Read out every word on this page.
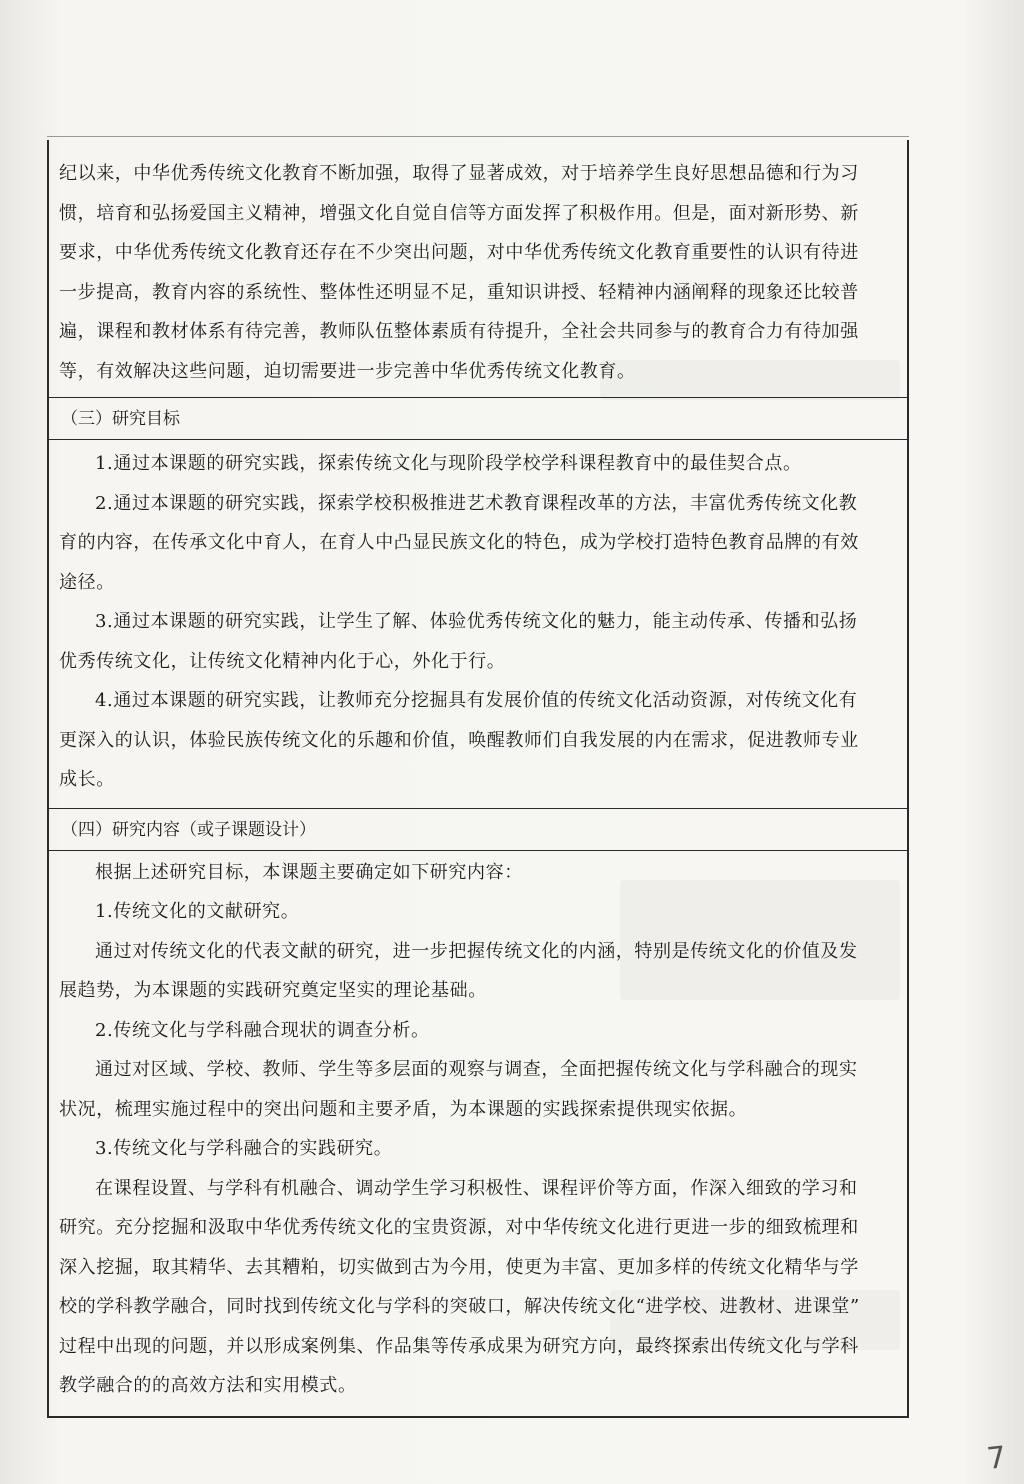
纪以来，中华优秀传统文化教育不断加强，取得了显著成效，对于培养学生良好思想品德和行为习
惯，培育和弘扬爱国主义精神，增强文化自觉自信等方面发挥了积极作用。但是，面对新形势、新
要求，中华优秀传统文化教育还存在不少突出问题，对中华优秀传统文化教育重要性的认识有待进
一步提高，教育内容的系统性、整体性还明显不足，重知识讲授、轻精神内涵阐释的现象还比较普
遍，课程和教材体系有待完善，教师队伍整体素质有待提升，全社会共同参与的教育合力有待加强
等，有效解决这些问题，迫切需要进一步完善中华优秀传统文化教育。
（三）研究目标
1.通过本课题的研究实践，探索传统文化与现阶段学校学科课程教育中的最佳契合点。
2.通过本课题的研究实践，探索学校积极推进艺术教育课程改革的方法，丰富优秀传统文化教
育的内容，在传承文化中育人，在育人中凸显民族文化的特色，成为学校打造特色教育品牌的有效
途径。
3.通过本课题的研究实践，让学生了解、体验优秀传统文化的魅力，能主动传承、传播和弘扬
优秀传统文化，让传统文化精神内化于心，外化于行。
4.通过本课题的研究实践，让教师充分挖掘具有发展价值的传统文化活动资源，对传统文化有
更深入的认识，体验民族传统文化的乐趣和价值，唤醒教师们自我发展的内在需求，促进教师专业
成长。
（四）研究内容（或子课题设计）
根据上述研究目标，本课题主要确定如下研究内容：
1.传统文化的文献研究。
通过对传统文化的代表文献的研究，进一步把握传统文化的内涵，特别是传统文化的价值及发
展趋势，为本课题的实践研究奠定坚实的理论基础。
2.传统文化与学科融合现状的调查分析。
通过对区域、学校、教师、学生等多层面的观察与调查，全面把握传统文化与学科融合的现实
状况，梳理实施过程中的突出问题和主要矛盾，为本课题的实践探索提供现实依据。
3.传统文化与学科融合的实践研究。
在课程设置、与学科有机融合、调动学生学习积极性、课程评价等方面，作深入细致的学习和
研究。充分挖掘和汲取中华优秀传统文化的宝贵资源，对中华传统文化进行更进一步的细致梳理和
深入挖掘，取其精华、去其糟粕，切实做到古为今用，使更为丰富、更加多样的传统文化精华与学
校的学科教学融合，同时找到传统文化与学科的突破口，解决传统文化“进学校、进教材、进课堂”
过程中出现的问题，并以形成案例集、作品集等传承成果为研究方向，最终探索出传统文化与学科
教学融合的的高效方法和实用模式。
7
